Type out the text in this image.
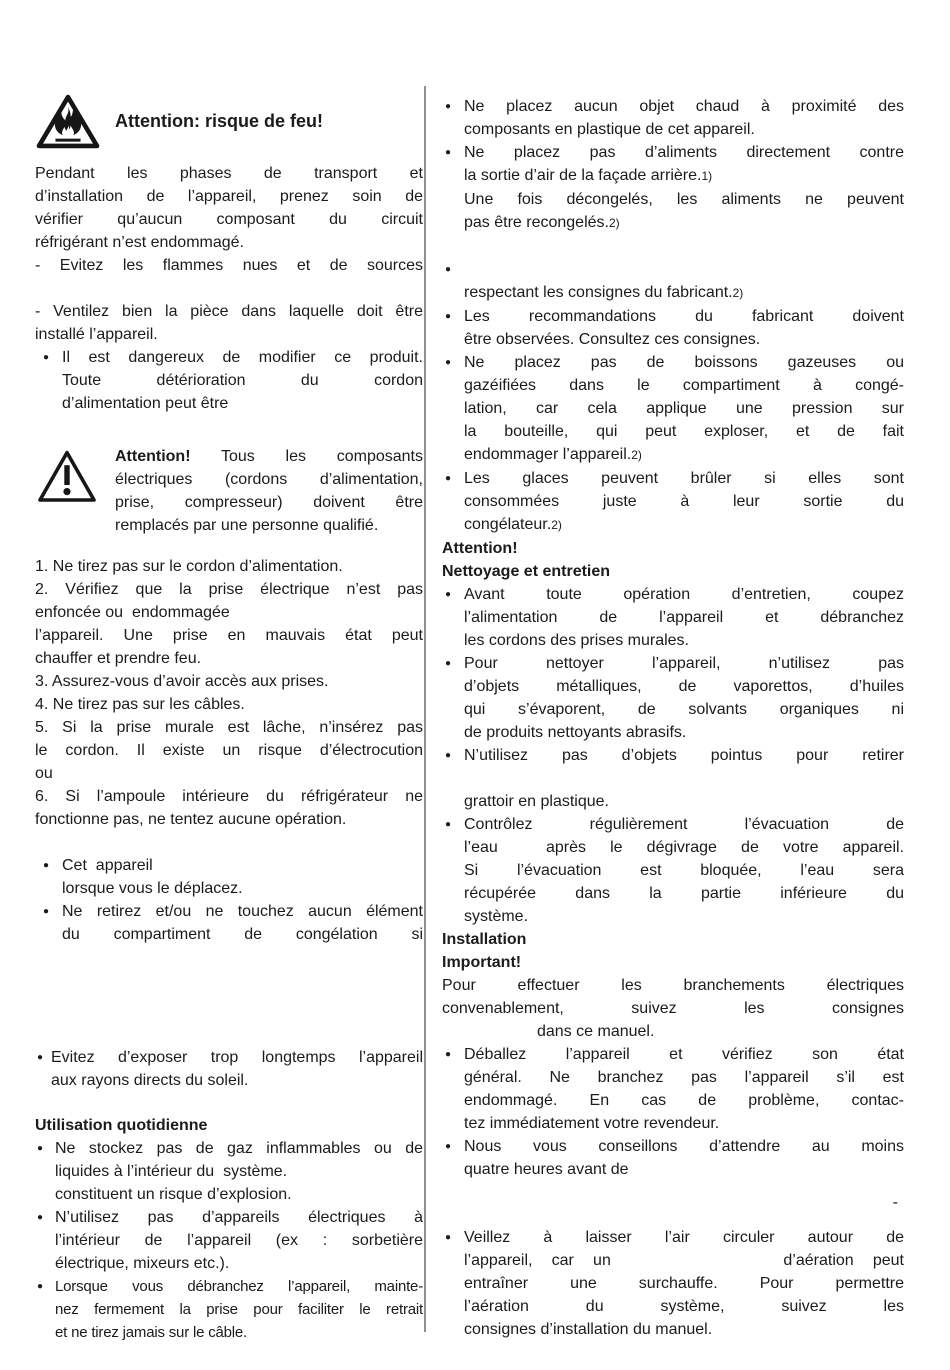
Attention: risque de feu!
Pendant les phases de transport et
d’installation de l’appareil, prenez soin de
vérifier qu’aucun composant du circuit
réfrigérant n’est endommagé.
- Evitez les flammes nues et de sources
- Ventilez bien la pièce dans laquelle doit être
installé l’appareil.
● Il est dangereux de modifier ce produit.
Toute détérioration du cordon
d’alimentation peut être
Attention! Tous les composants
électriques (cordons d’alimentation,
prise, compresseur) doivent être
remplacés par une personne qualifié.
1. Ne tirez pas sur le cordon d’alimentation.
2. Vérifiez que la prise électrique n’est pas
enfoncée ou  endommagée
l’appareil. Une prise en mauvais état peut
chauffer et prendre feu.
3. Assurez-vous d’avoir accès aux prises.
4. Ne tirez pas sur les câbles.
5. Si la prise murale est lâche, n’insérez pas
le cordon. Il existe un risque d’électrocution
ou
6. Si l’ampoule intérieure du réfrigérateur ne
fonctionne pas, ne tentez aucune opération.
● Cet  appareil
lorsque vous le déplacez.
● Ne retirez et/ou ne touchez aucun élément
du compartiment de congélation si
● Evitez d’exposer trop longtemps l’appareil
aux rayons directs du soleil.
Utilisation quotidienne
● Ne stockez pas de gaz inflammables ou de
liquides à l’intérieur du  système.
constituent un risque d’explosion.
● N’utilisez pas d’appareils électriques à
l’intérieur de l’appareil (ex : sorbetière
électrique, mixeurs etc.).
● Lorsque vous débranchez l’appareil, mainte-
nez fermement la prise pour faciliter le retrait
et ne tirez jamais sur le câble.
● Ne placez aucun objet chaud à proximité des
composants en plastique de cet appareil.
● Ne placez pas d’aliments directement contre
la sortie d’air de la façade arrière.1)
Une fois décongelés, les aliments ne peuvent
pas être recongelés.2)
●
respectant les consignes du fabricant.2)
● Les recommandations du fabricant doivent
être observées. Consultez ces consignes.
● Ne placez pas de boissons gazeuses ou
gazéifiées dans le compartiment à congé-
lation, car cela applique une pression sur
la bouteille, qui peut exploser, et de fait
endommager l’appareil.2)
● Les glaces peuvent brûler si elles sont
consommées juste à leur sortie du
congélateur.2)
Attention!
Nettoyage et entretien
● Avant toute opération d’entretien, coupez
l’alimentation de l’appareil et débranchez
les cordons des prises murales.
● Pour nettoyer l’appareil, n’utilisez pas
d’objets métalliques, de vaporettos, d’huiles
qui s’évaporent, de solvants organiques ni
de produits nettoyants abrasifs.
● N’utilisez pas d’objets pointus pour retirer
grattoir en plastique.
● Contrôlez régulièrement l’évacuation de
l’eau  après le dégivrage de votre appareil.
Si l’évacuation est bloquée, l’eau sera
récupérée dans la partie inférieure du
système.
Installation
Important!
Pour effectuer les branchements électriques
convenablement, suivez les consignes
dans ce manuel.
● Déballez l’appareil et vérifiez son état
général. Ne branchez pas l’appareil s’il est
endommagé. En cas de problème, contac-
tez immédiatement votre revendeur.
● Nous vous conseillons d’attendre au moins
quatre heures avant de
-
● Veillez à laisser l’air circuler autour de
l’appareil, car un         d’aération peut
entraîner une surchauffe. Pour permettre
l’aération du système, suivez les
consignes d’installation du manuel.
